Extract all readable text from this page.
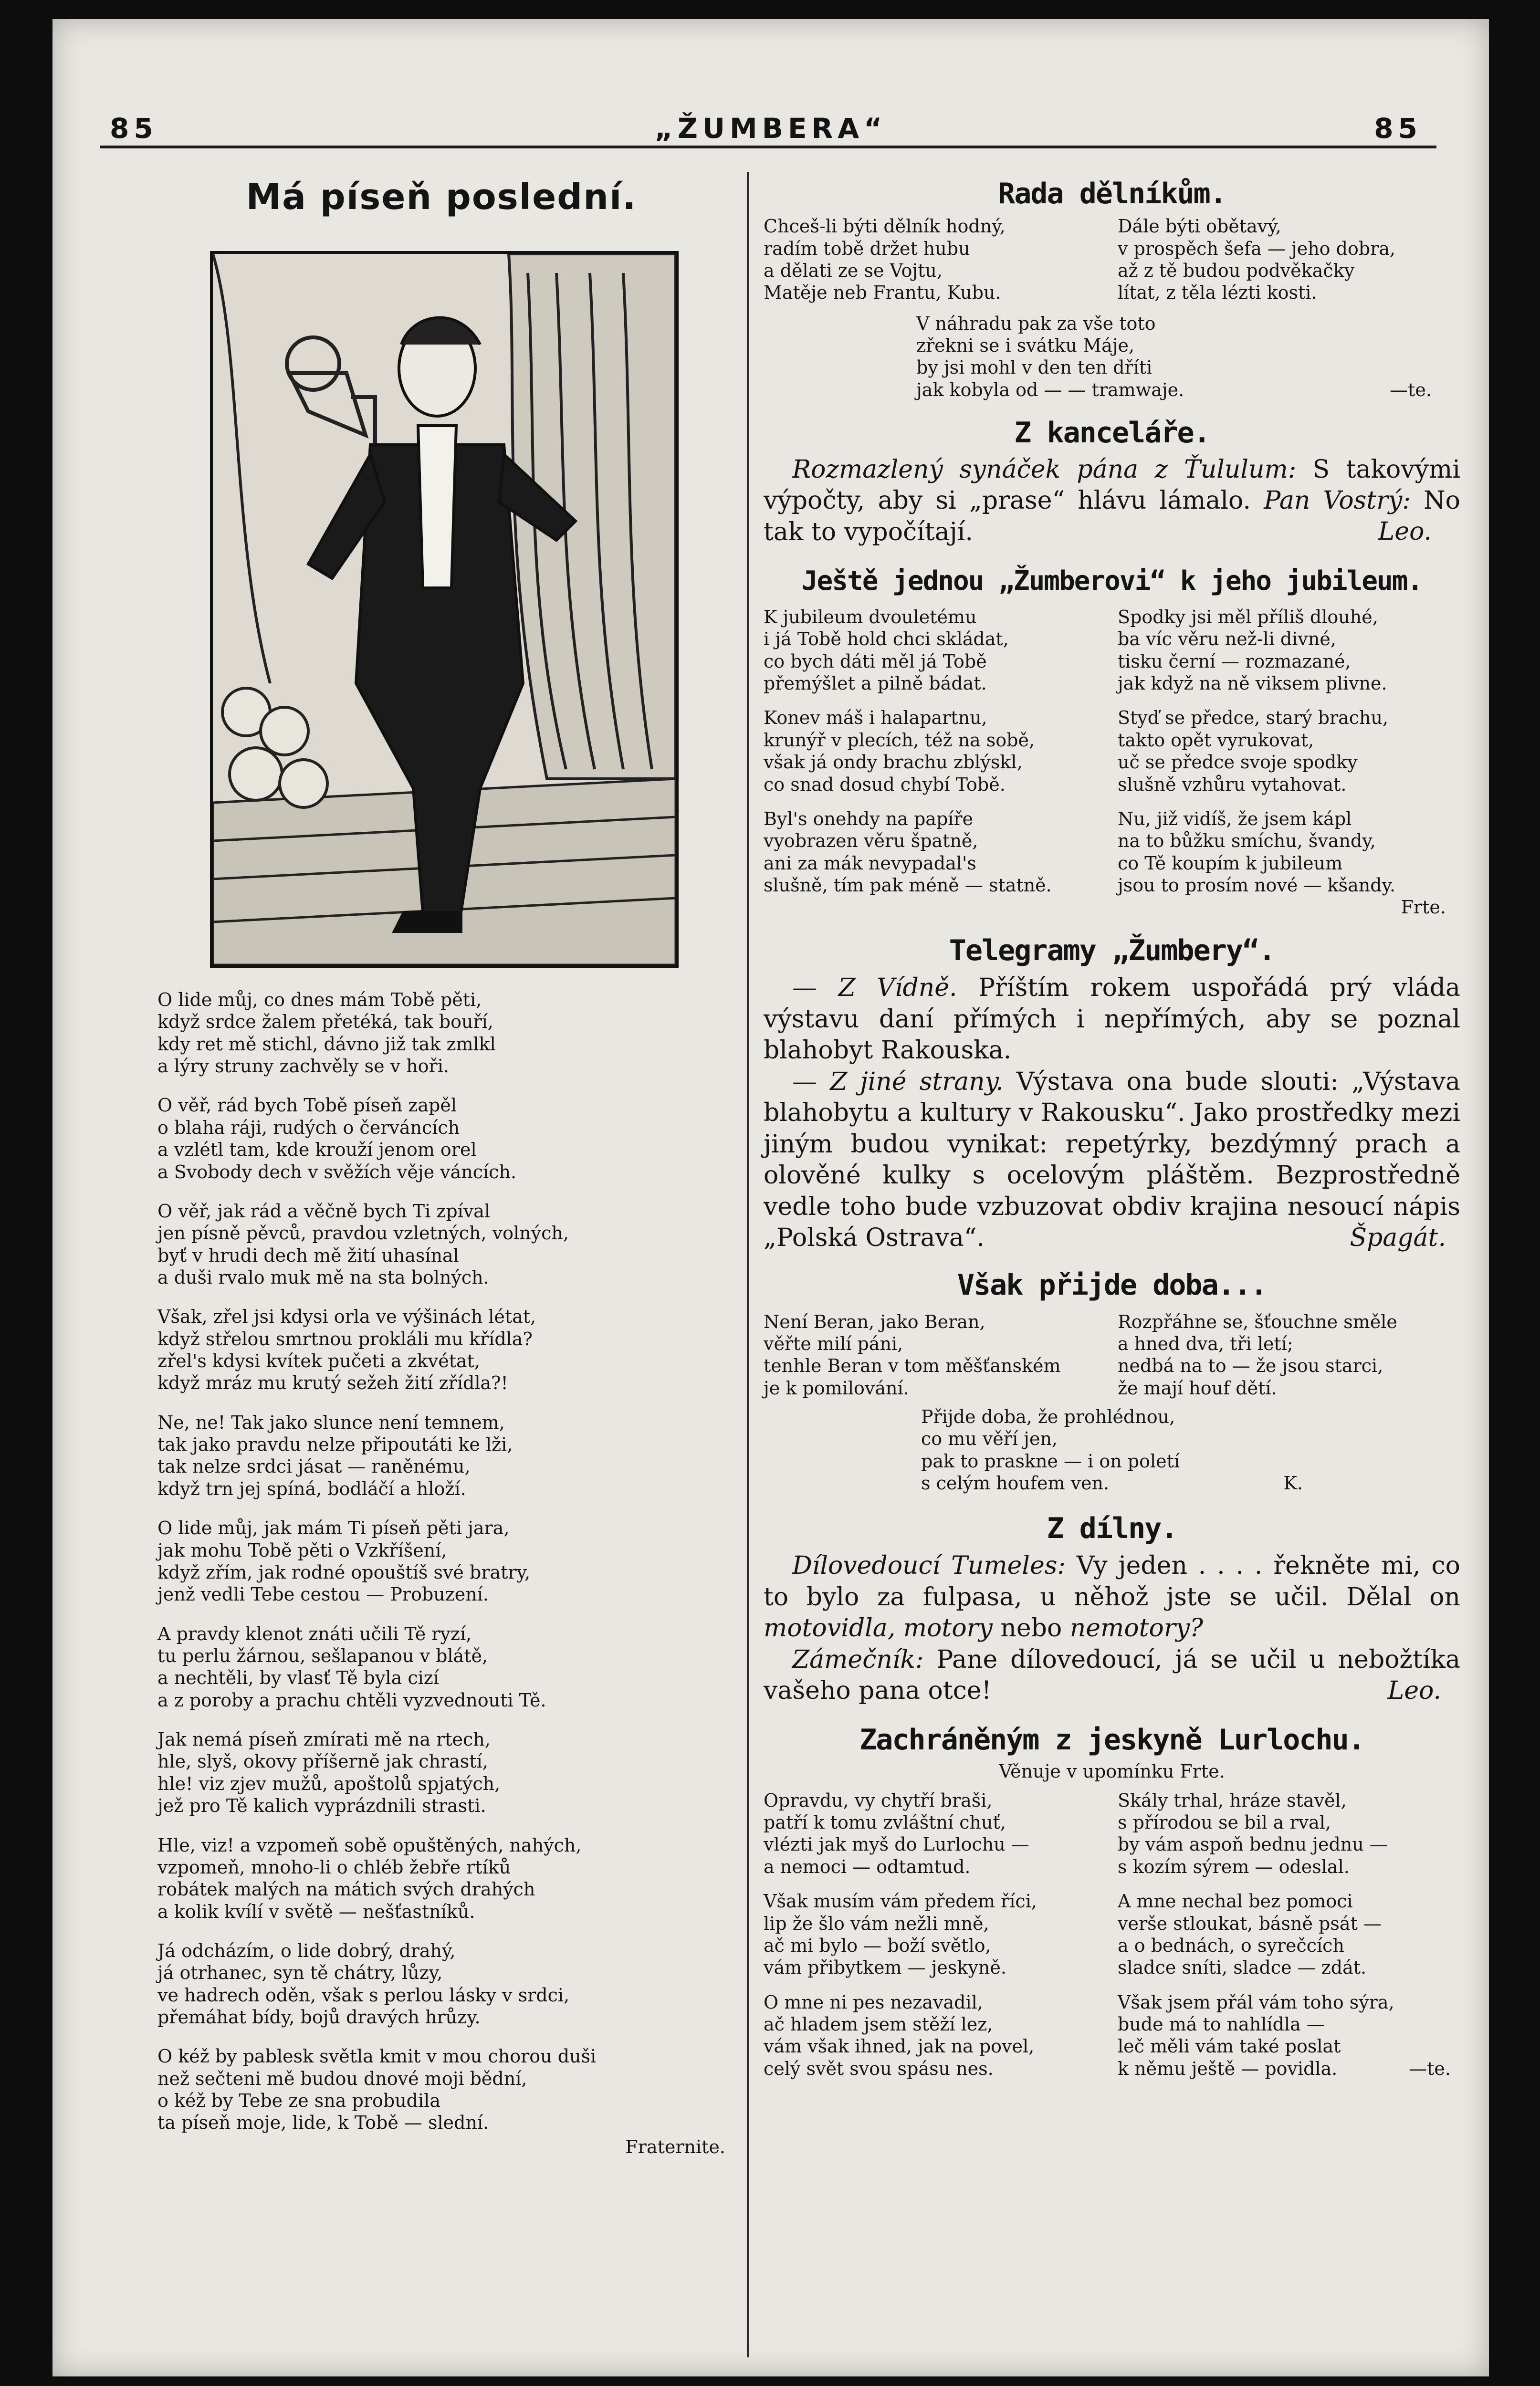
85	„ŽUMBERA“	85
Má píseň poslední.
O lide můj, co dnes mám Tobě pěti,
když srdce žalem přetéká, tak bouří,
kdy ret mě stichl, dávno již tak zmlkl
a lýry struny zachvěly se v hoři.
O věř, rád bych Tobě píseň zapěl
o blaha ráji, rudých o červáncích
a vzlétl tam, kde krouží jenom orel
a Svobody dech v svěžích věje váncích.
O věř, jak rád a věčně bych Ti zpíval
jen písně pěvců, pravdou vzletných, volných,
byť v hrudi dech mě žití uhasínal
a duši rvalo muk mě na sta bolných.
Však, zřel jsi kdysi orla ve výšinách létat,
když střelou smrtnou prokláli mu křídla?
zřel's kdysi kvítek pučeti a zkvétat,
když mráz mu krutý sežeh žití zřídla?!
Ne, ne! Tak jako slunce není temnem,
tak jako pravdu nelze připoutáti ke lži,
tak nelze srdci jásat — raněnému,
když trn jej spíná, bodláčí a hloží.
O lide můj, jak mám Ti píseň pěti jara,
jak mohu Tobě pěti o Vzkříšení,
když zřím, jak rodné opouštíš své bratry,
jenž vedli Tebe cestou — Probuzení.
A pravdy klenot znáti učili Tě ryzí,
tu perlu žárnou, sešlapanou v blátě,
a nechtěli, by vlasť Tě byla cizí
a z poroby a prachu chtěli vyzvednouti Tě.
Jak nemá píseň zmírati mě na rtech,
hle, slyš, okovy příšerně jak chrastí,
hle! viz zjev mužů, apoštolů spjatých,
jež pro Tě kalich vyprázdnili strasti.
Hle, viz! a vzpomeň sobě opuštěných, nahých,
vzpomeň, mnoho-li o chléb žebře rtíků
robátek malých na mátich svých drahých
a kolik kvílí v světě — nešťastníků.
Já odcházím, o lide dobrý, drahý,
já otrhanec, syn tě chátry, lůzy,
ve hadrech oděn, však s perlou lásky v srdci,
přemáhat bídy, bojů dravých hrůzy.
O kéž by pablesk světla kmit v mou chorou duši
než sečteni mě budou dnové moji bědní,
o kéž by Tebe ze sna probudila
ta píseň moje, lide, k Tobě — slední.
Fraternite.
Rada dělníkům.
Chceš-li býti dělník hodný,
radím tobě držet hubu
a dělati ze se Vojtu,
Matěje neb Frantu, Kubu.
Dále býti obětavý,
v prospěch šefa — jeho dobra,
až z tě budou podvěkačky
lítat, z těla lézti kosti.
V náhradu pak za vše toto
zřekni se i svátku Máje,
by jsi mohl v den ten dříti
jak kobyla od — — tramwaje.	—te.
Z kanceláře.

Rozmazlený synáček pána z Ťululum: S takovými výpočty, aby si „prase“ hlávu lámalo. Pan Vostrý: No tak to vypočítají.	Leo.
Ještě jednou „Žumberovi“ k jeho jubileum.
K jubileum dvouletému
i já Tobě hold chci skládat,
co bych dáti měl já Tobě
přemýšlet a pilně bádat.
Konev máš i halapartnu,
krunýř v plecích, též na sobě,
však já ondy brachu zblýskl,
co snad dosud chybí Tobě.
Byl's onehdy na papíře
vyobrazen věru špatně,
ani za mák nevypadal's
slušně, tím pak méně — statně.
Spodky jsi měl příliš dlouhé,
ba víc věru než-li divné,
tisku černí — rozmazané,
jak když na ně viksem plivne.
Styď se předce, starý brachu,
takto opět vyrukovat,
uč se předce svoje spodky
slušně vzhůru vytahovat.
Nu, již vidíš, že jsem kápl
na to bůžku smíchu, švandy,
co Tě koupím k jubileum
jsou to prosím nové — kšandy.
Frte.
Telegramy „Žumbery“.

— Z Vídně. Příštím rokem uspořádá prý vláda výstavu daní přímých i nepřímých, aby se poznal blahobyt Rakouska.

— Z jiné strany. Výstava ona bude slouti: „Výstava blahobytu a kultury v Rakousku“. Jako prostředky mezi jiným budou vynikat: repetýrky, bezdýmný prach a olověné kulky s ocelovým pláštěm. Bezprostředně vedle toho bude vzbuzovat obdiv krajina nesoucí nápis „Polská Ostrava“.	Špagát.
Však přijde doba...
Není Beran, jako Beran,
věřte milí páni,
tenhle Beran v tom měšťanském
je k pomilování.
Rozpřáhne se, šťouchne směle
a hned dva, tři letí;
nedbá na to — že jsou starci,
že mají houf dětí.
Přijde doba, že prohlédnou,
co mu věří jen,
pak to praskne — i on poletí
s celým houfem ven.	K.
Z dílny.

Dílovedoucí Tumeles: Vy jeden . . . . řekněte mi, co to bylo za fulpasa, u něhož jste se učil. Dělal on motovidla, motory nebo nemotory?

Zámečník: Pane dílovedoucí, já se učil u nebožtíka vašeho pana otce!	Leo.
Zachráněným z jeskyně Lurlochu.
Věnuje v upomínku Frte.
Opravdu, vy chytří braši,
patří k tomu zvláštní chuť,
vlézti jak myš do Lurlochu —
a nemoci — odtamtud.
Však musím vám předem říci,
lip že šlo vám nežli mně,
ač mi bylo — boží světlo,
vám přibytkem — jeskyně.
O mne ni pes nezavadil,
ač hladem jsem stěží lez,
vám však ihned, jak na povel,
celý svět svou spásu nes.
Skály trhal, hráze stavěl,
s přírodou se bil a rval,
by vám aspoň bednu jednu —
s kozím sýrem — odeslal.
A mne nechal bez pomoci
verše stloukat, básně psát —
a o bednách, o syrečcích
sladce sníti, sladce — zdát.
Však jsem přál vám toho sýra,
bude má to nahlídla —
leč měli vám také poslat
k němu ještě — povidla.	—te.
